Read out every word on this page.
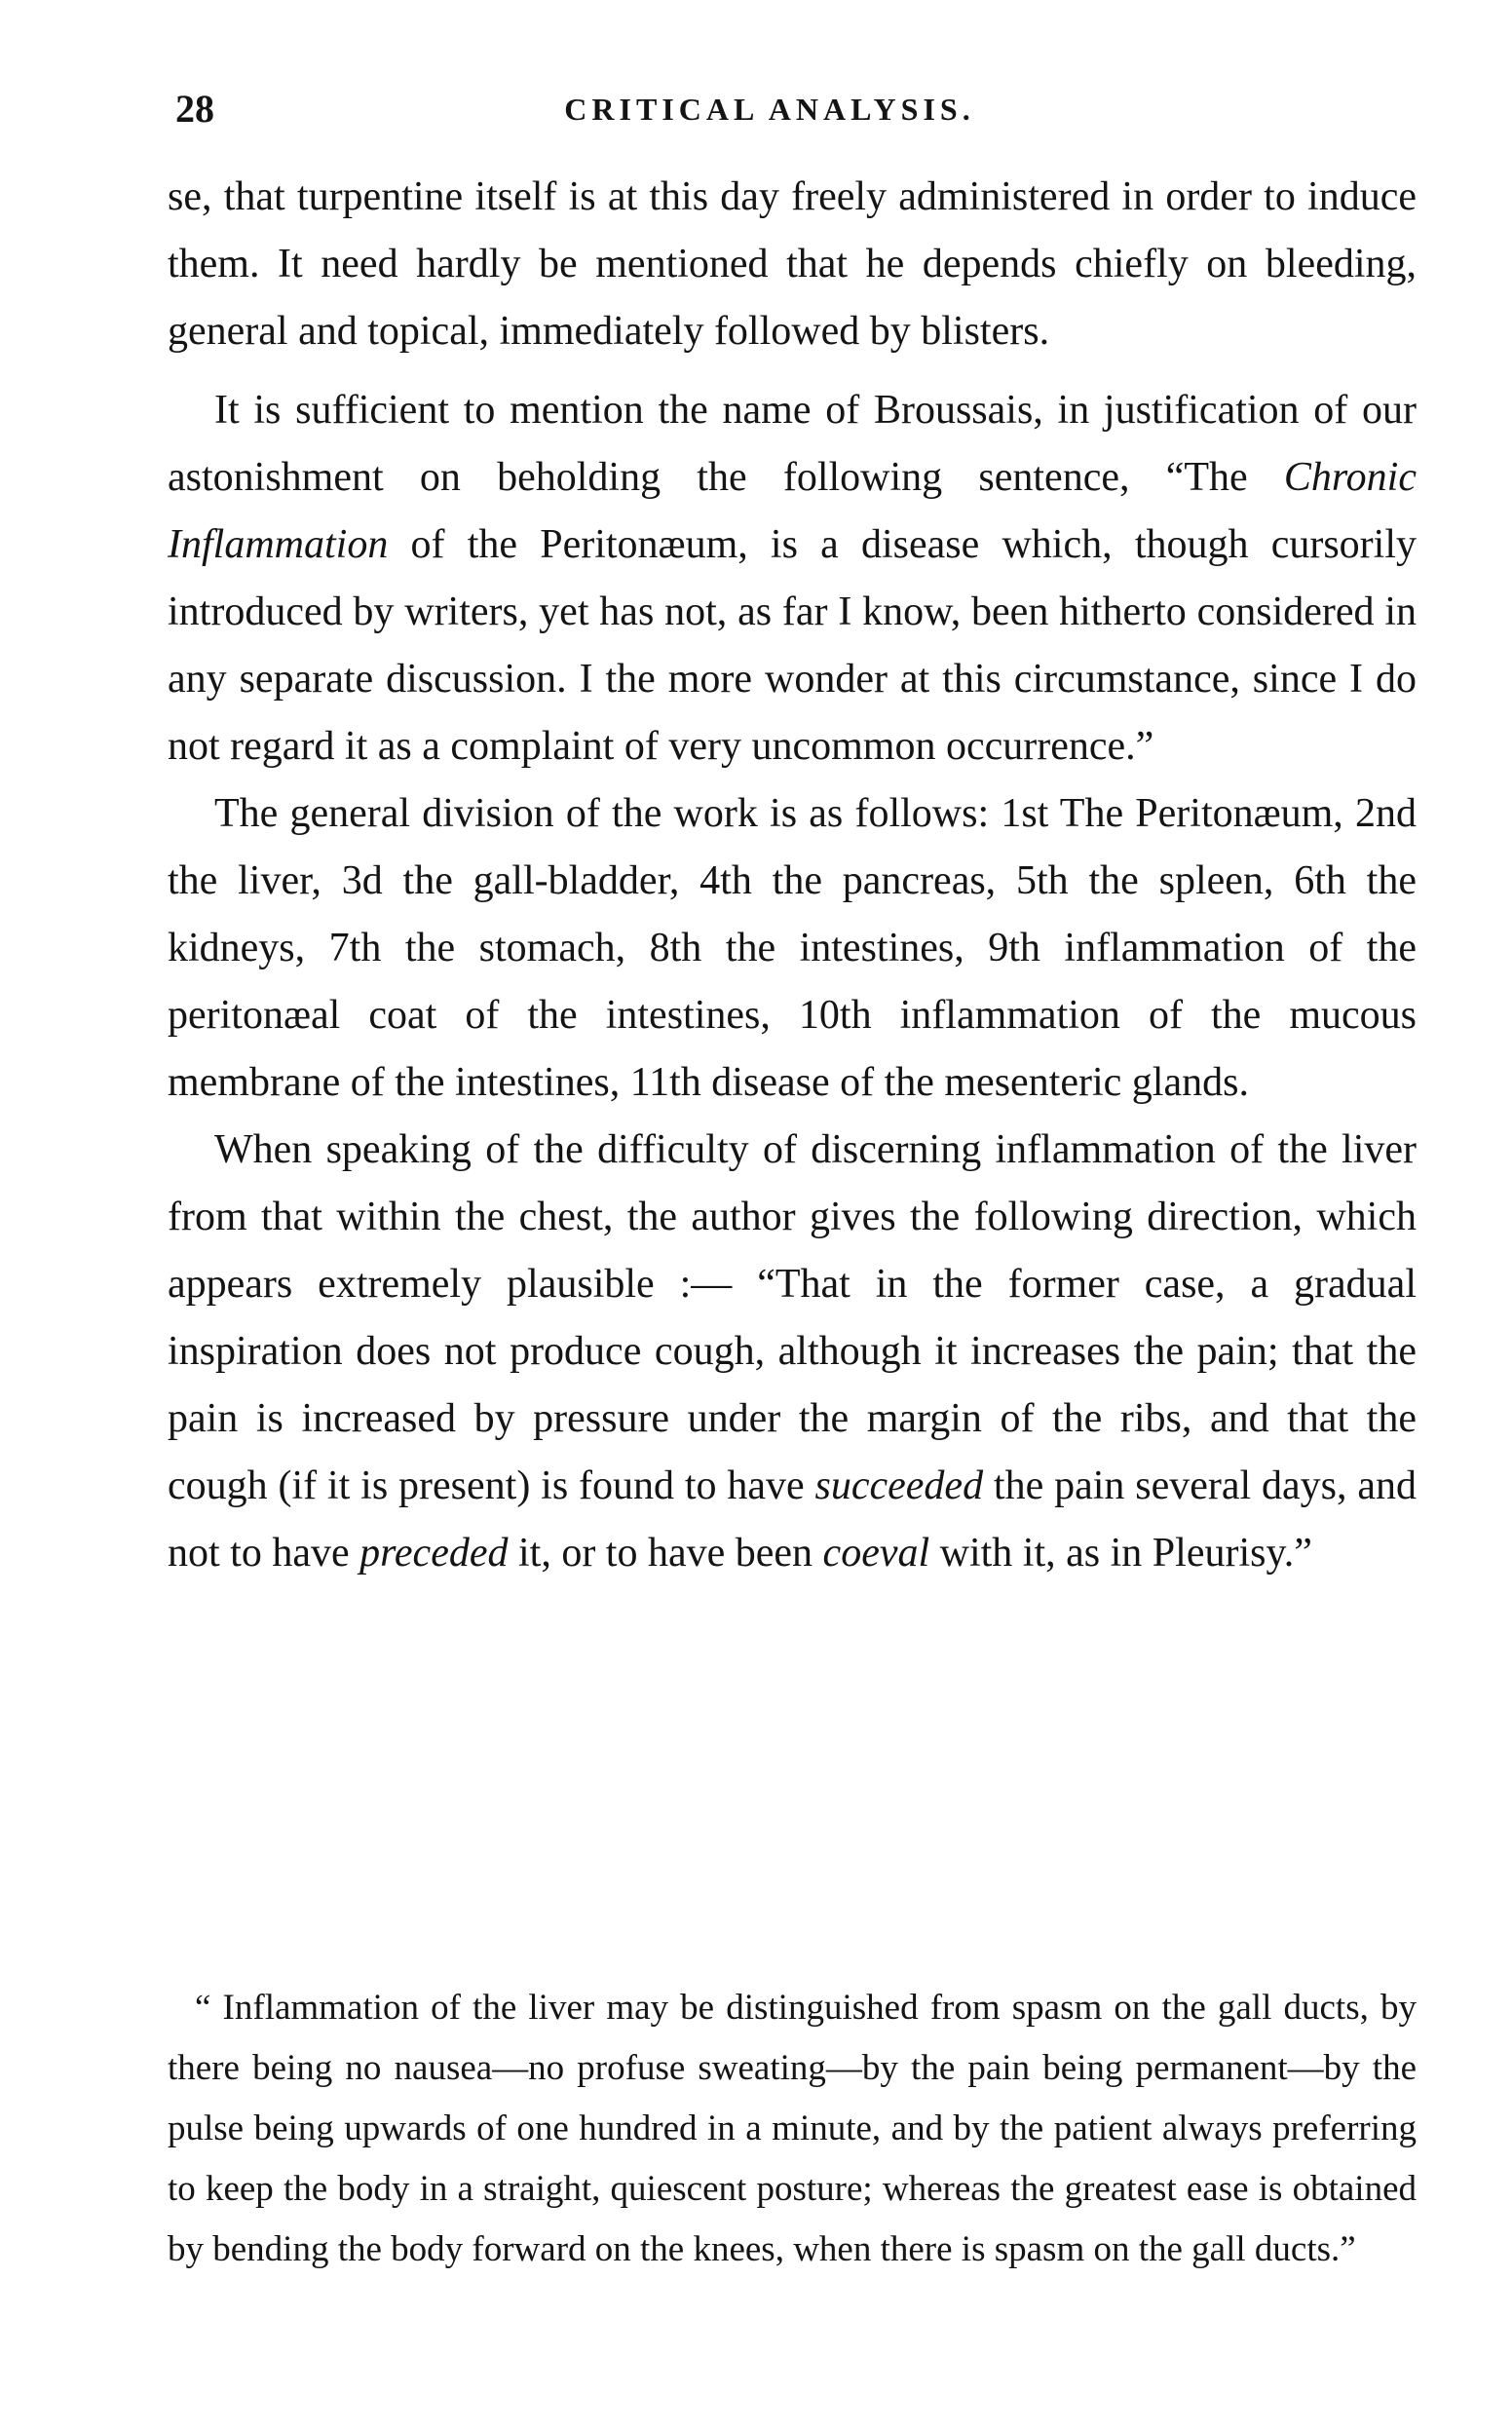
28	CRITICAL ANALYSIS.

se, that turpentine itself is at this day freely administered in order to induce them. It need hardly be mentioned that he depends chiefly on bleeding, general and topical, immediately followed by blisters.

It is sufficient to mention the name of Broussais, in justification of our astonishment on beholding the following sentence, “The Chronic Inflammation of the Peritonæum, is a disease which, though cursorily introduced by writers, yet has not, as far I know, been hitherto considered in any separate discussion. I the more wonder at this circumstance, since I do not regard it as a complaint of very uncommon occurrence.”

The general division of the work is as follows: 1st The Peritonæum, 2nd the liver, 3d the gall-bladder, 4th the pancreas, 5th the spleen, 6th the kidneys, 7th the stomach, 8th the intestines, 9th inflammation of the peritonæal coat of the intestines, 10th inflammation of the mucous membrane of the intestines, 11th disease of the mesenteric glands.

When speaking of the difficulty of discerning inflammation of the liver from that within the chest, the author gives the following direction, which appears extremely plausible :— “That in the former case, a gradual inspiration does not produce cough, although it increases the pain; that the pain is increased by pressure under the margin of the ribs, and that the cough (if it is present) is found to have succeeded the pain several days, and not to have preceded it, or to have been coeval with it, as in Pleurisy.”

“ Inflammation of the liver may be distinguished from spasm on the gall ducts, by there being no nausea—no profuse sweating—by the pain being permanent—by the pulse being upwards of one hundred in a minute, and by the patient always preferring to keep the body in a straight, quiescent posture; whereas the greatest ease is obtained by bending the body forward on the knees, when there is spasm on the gall ducts.”
